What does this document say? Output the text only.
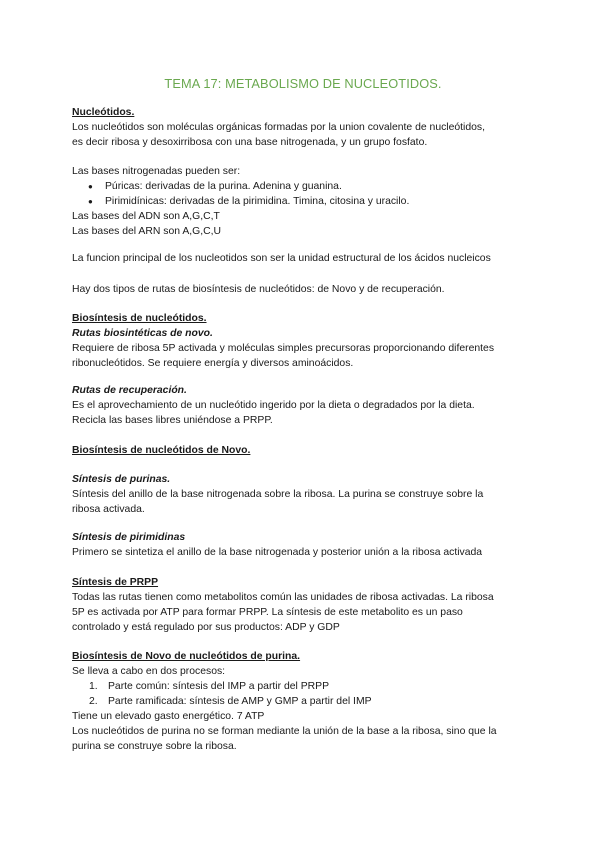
TEMA 17: METABOLISMO DE NUCLEOTIDOS.

Nucleótidos.

Los nucleótidos son moléculas orgánicas formadas por la union covalente de nucleótidos,

es decir ribosa y desoxirribosa con una base nitrogenada, y un grupo fosfato.

Las bases nitrogenadas pueden ser:

● Púricas: derivadas de la purina. Adenina y guanina.
● Pirimidínicas: derivadas de la pirimidina. Timina, citosina y uracilo.

Las bases del ADN son A,G,C,T

Las bases del ARN son A,G,C,U

La funcion principal de los nucleotidos son ser la unidad estructural de los ácidos nucleicos

Hay dos tipos de rutas de biosíntesis de nucleótidos: de Novo y de recuperación.

Biosíntesis de nucleótidos.

Rutas biosintéticas de novo.

Requiere de ribosa 5P activada y moléculas simples precursoras proporcionando diferentes

ribonucleótidos. Se requiere energía y diversos aminoácidos.

Rutas de recuperación.

Es el aprovechamiento de un nucleótido ingerido por la dieta o degradados por la dieta.

Recicla las bases libres uniéndose a PRPP.

Biosíntesis de nucleótidos de Novo.

Síntesis de purinas.

Síntesis del anillo de la base nitrogenada sobre la ribosa. La purina se construye sobre la

ribosa activada.

Síntesis de pirimidinas

Primero se sintetiza el anillo de la base nitrogenada y posterior unión a la ribosa activada

Síntesis de PRPP

Todas las rutas tienen como metabolitos común las unidades de ribosa activadas. La ribosa

5P es activada por ATP para formar PRPP. La síntesis de este metabolito es un paso

controlado y está regulado por sus productos: ADP y GDP

Biosíntesis de Novo de nucleótidos de purina.

Se lleva a cabo en dos procesos:

1. Parte común: síntesis del IMP a partir del PRPP
2. Parte ramificada: síntesis de AMP y GMP a partir del IMP

Tiene un elevado gasto energético. 7 ATP

Los nucleótidos de purina no se forman mediante la unión de la base a la ribosa, sino que la

purina se construye sobre la ribosa.
